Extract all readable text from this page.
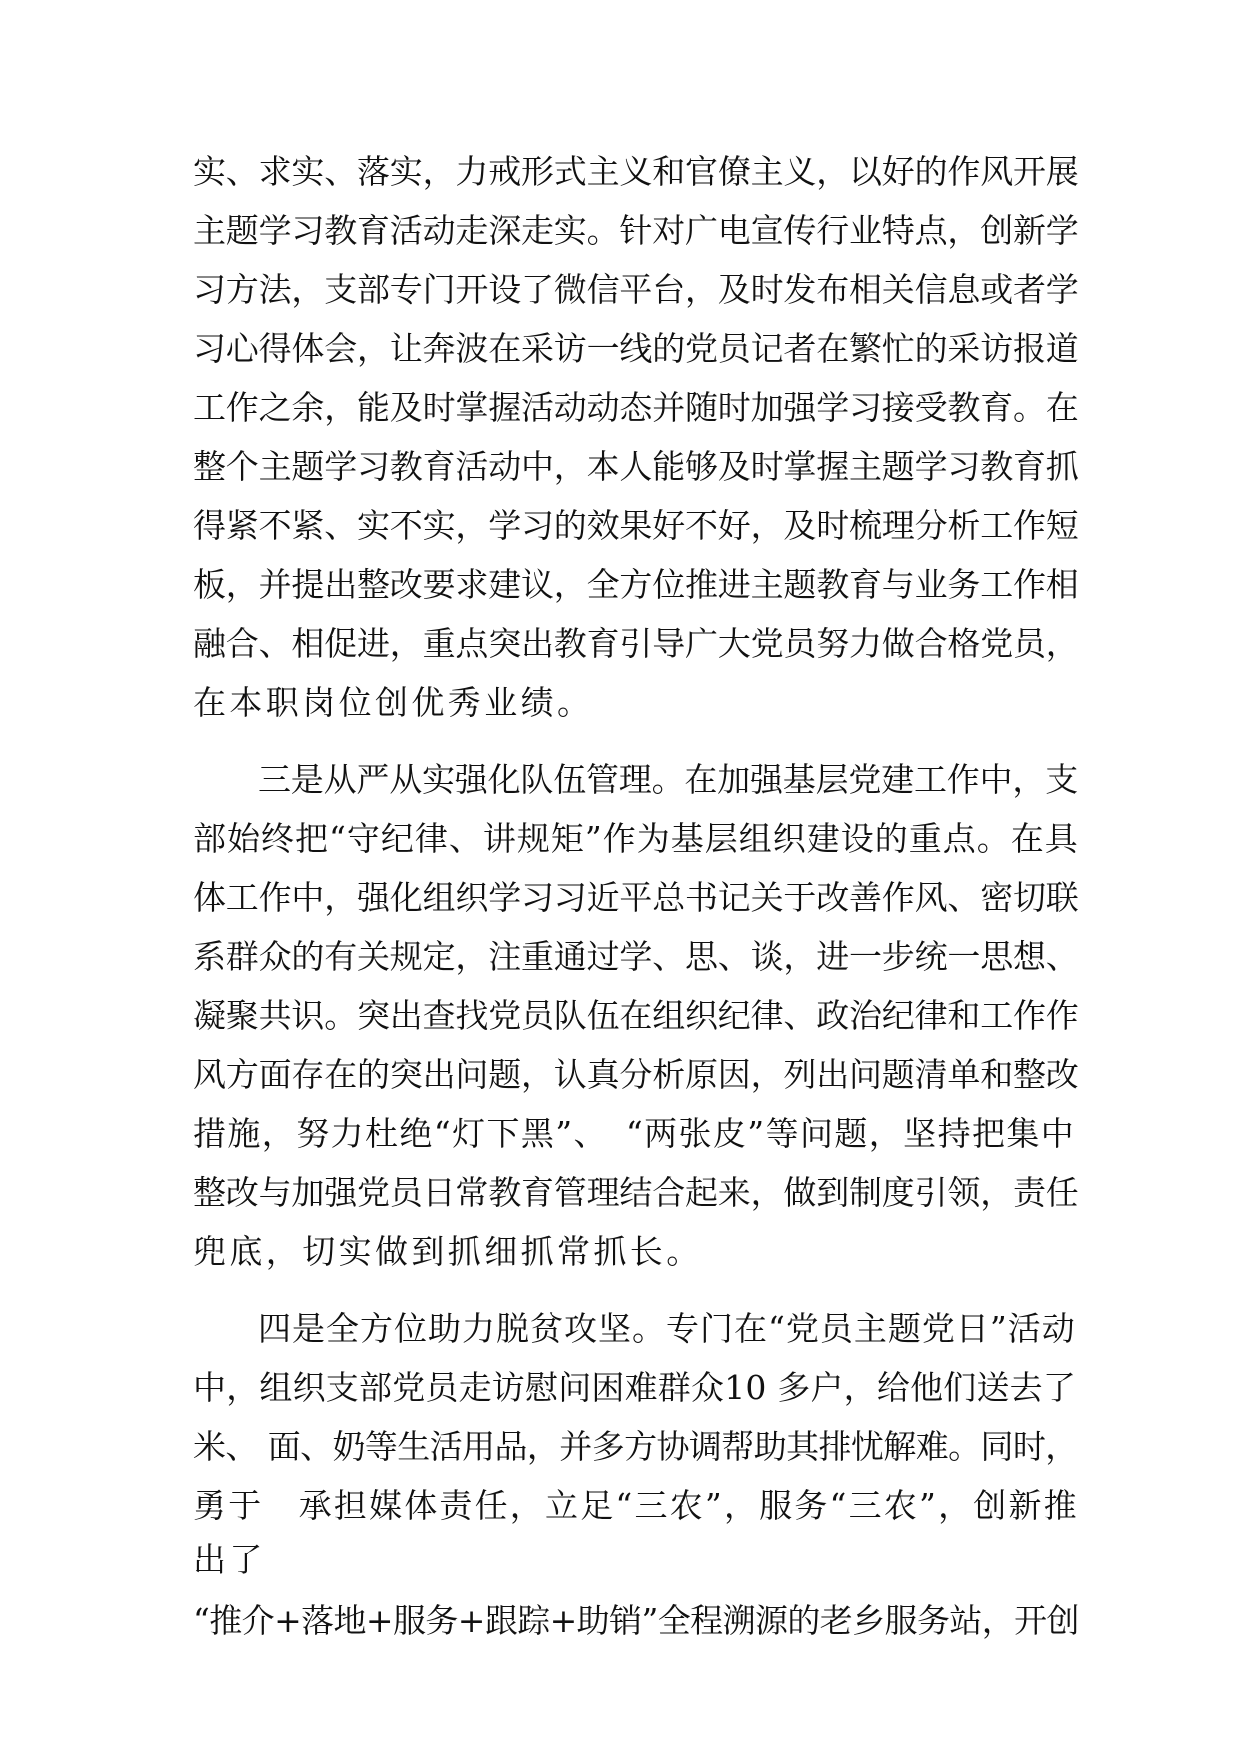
实、求实、落实，力戒形式主义和官僚主义，以好的作风开展
主题学习教育活动走深走实。针对广电宣传行业特点，创新学
习方法，支部专门开设了微信平台，及时发布相关信息或者学
习心得体会，让奔波在采访一线的党员记者在繁忙的采访报道
工作之余，能及时掌握活动动态并随时加强学习接受教育。在
整个主题学习教育活动中，本人能够及时掌握主题学习教育抓
得紧不紧、实不实，学习的效果好不好，及时梳理分析工作短
板，并提出整改要求建议，全方位推进主题教育与业务工作相
融合、相促进，重点突出教育引导广大党员努力做合格党员，
在本职岗位创优秀业绩。
三是从严从实强化队伍管理。在加强基层党建工作中，支
部始终把“守纪律、讲规矩”作为基层组织建设的重点。在具
体工作中，强化组织学习习近平总书记关于改善作风、密切联
系群众的有关规定，注重通过学、思、谈，进一步统一思想、
凝聚共识。突出查找党员队伍在组织纪律、政治纪律和工作作
风方面存在的突出问题，认真分析原因，列出问题清单和整改
措施，努力杜绝“灯下黑”、　“两张皮”等问题，坚持把集中
整改与加强党员日常教育管理结合起来，做到制度引领，责任
兜底，切实做到抓细抓常抓长。
四是全方位助力脱贫攻坚。专门在“党员主题党日”活动
中，组织支部党员走访慰问困难群众10 多户，给他们送去了
米、 面、奶等生活用品，并多方协调帮助其排忧解难。同时，
勇于　承担媒体责任，立足“三农”，服务“三农”，创新推
出了
“推介+落地+服务+跟踪+助销”全程溯源的老乡服务站，开创
